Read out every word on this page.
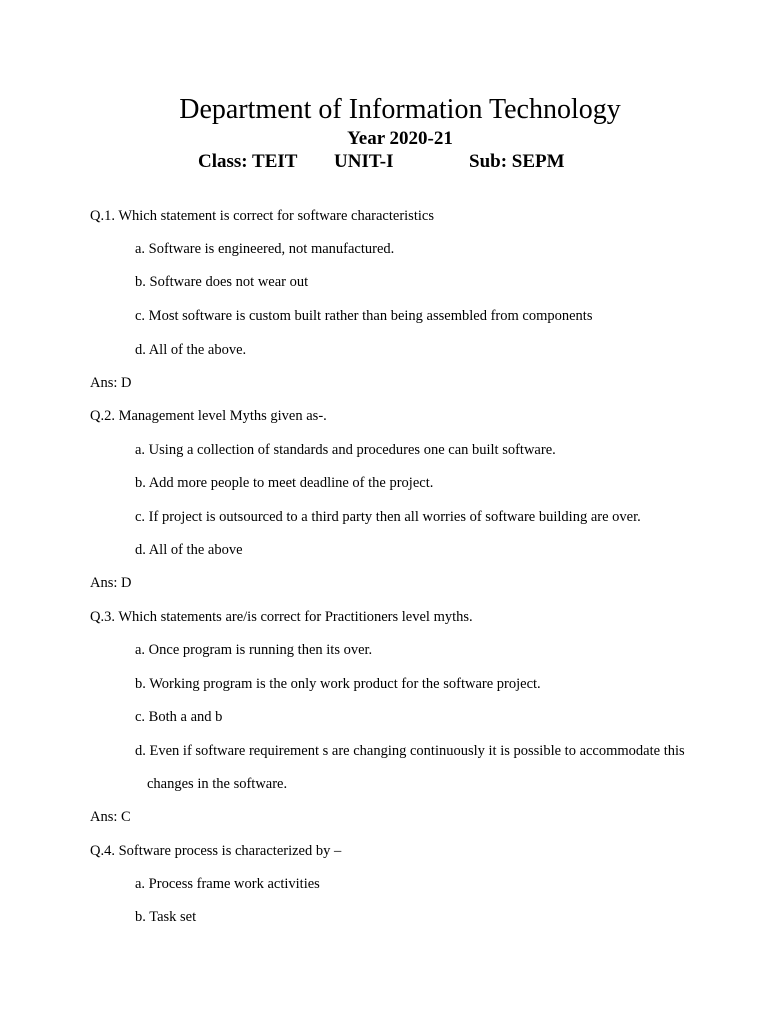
Department of Information Technology
Year 2020-21
Class: TEIT UNIT-I	Sub: SEPM
Q.1. Which statement is correct for software characteristics
a. Software is engineered, not manufactured.
b. Software does not wear out
c. Most software is custom built rather than being assembled from components
d. All of the above.
Ans: D
Q.2. Management level Myths given as-.
a. Using a collection of standards and procedures one can built software.
b. Add more people to meet deadline of the project.
c. If project is outsourced to a third party then all worries of software building are over.
d. All of the above
Ans: D
Q.3. Which statements are/is correct for Practitioners level myths.
a. Once program is running then its over.
b. Working program is the only work product for the software project.
c. Both a and b
d. Even if software requirement s are changing continuously it is possible to accommodate this
changes in the software.
Ans: C
Q.4. Software process is characterized by –
a. Process frame work activities
b. Task set
